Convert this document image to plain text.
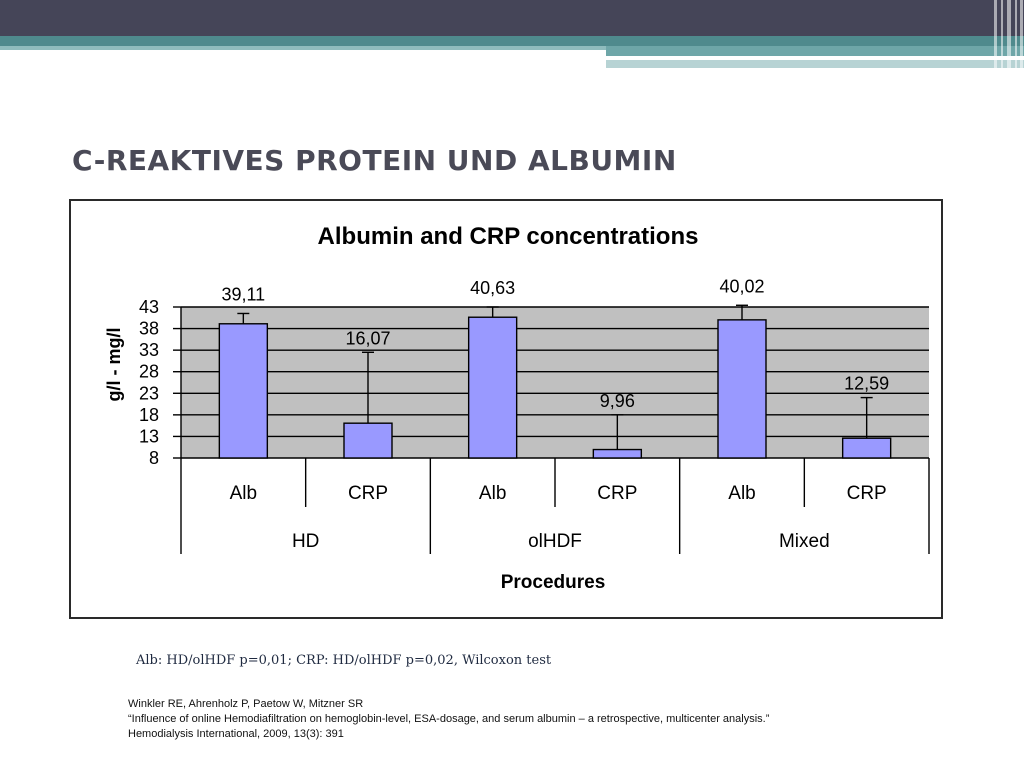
C-REAKTIVES PROTEIN UND ALBUMIN
Albumin and CRP concentrations
43
38
33
28
23
18
13
8
g/l - mg/l
39,11
16,07
40,63
9,96
40,02
12,59
Alb	CRP	Alb	CRP	Alb	CRP
HD	olHDF	Mixed
Procedures
Alb: HD/olHDF p=0,01; CRP: HD/olHDF p=0,02, Wilcoxon test
Winkler RE, Ahrenholz P, Paetow W, Mitzner SR
“Influence of online Hemodiafiltration on hemoglobin-level, ESA-dosage, and serum albumin – a retrospective, multicenter analysis.”
Hemodialysis International, 2009, 13(3): 391
